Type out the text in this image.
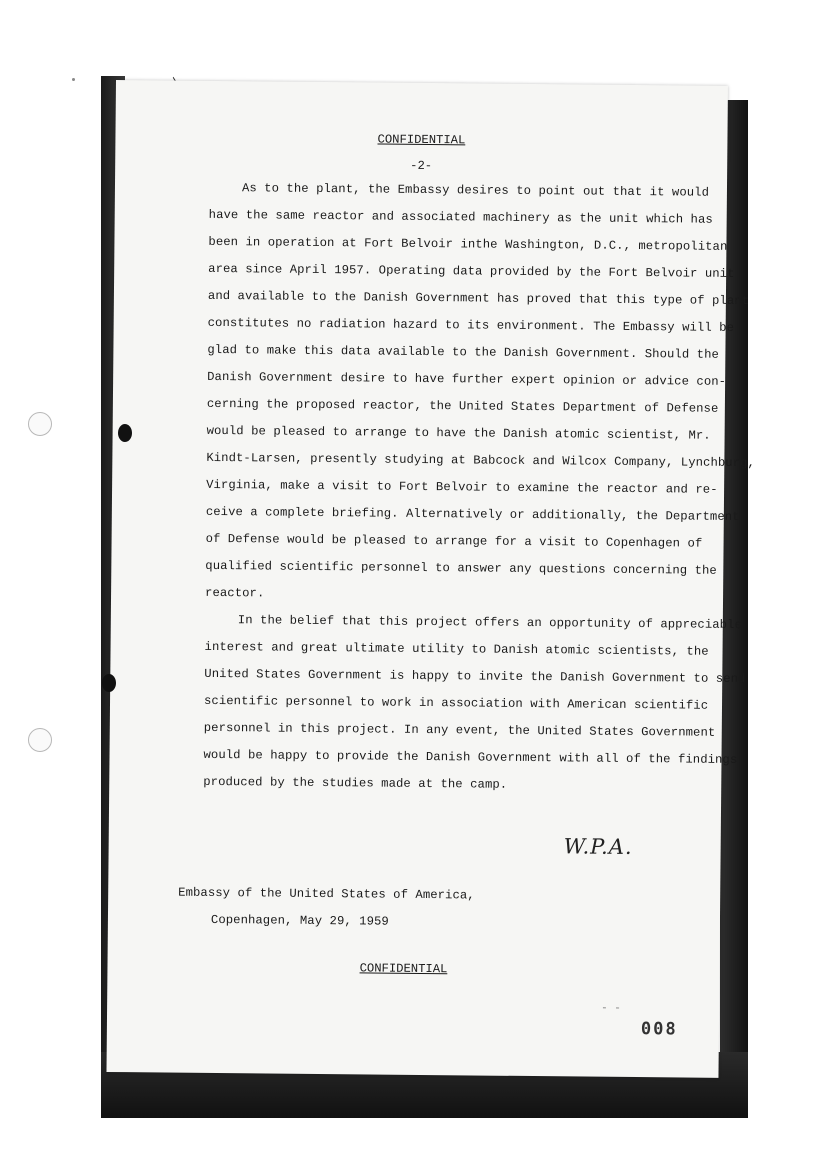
CONFIDENTIAL
-2-
As to the plant, the Embassy desires to point out that it would
have the same reactor and associated machinery as the unit which has
been in operation at Fort Belvoir inthe Washington, D.C., metropolitan
area since April 1957. Operating data provided by the Fort Belvoir unit
and available to the Danish Government has proved that this type of plant
constitutes no radiation hazard to its environment. The Embassy will be
glad to make this data available to the Danish Government. Should the
Danish Government desire to have further expert opinion or advice con-
cerning the proposed reactor, the United States Department of Defense
would be pleased to arrange to have the Danish atomic scientist, Mr.
Kindt-Larsen, presently studying at Babcock and Wilcox Company, Lynchburg,
Virginia, make a visit to Fort Belvoir to examine the reactor and re-
ceive a complete briefing. Alternatively or additionally, the Department
of Defense would be pleased to arrange for a visit to Copenhagen of
qualified scientific personnel to answer any questions concerning the
reactor.
In the belief that this project offers an opportunity of appreciable
interest and great ultimate utility to Danish atomic scientists, the
United States Government is happy to invite the Danish Government to send
scientific personnel to work in association with American scientific
personnel in this project. In any event, the United States Government
would be happy to provide the Danish Government with all of the findings
produced by the studies made at the camp.
W.P.A.
Embassy of the United States of America,
Copenhagen, May 29, 1959
CONFIDENTIAL
- -
008
